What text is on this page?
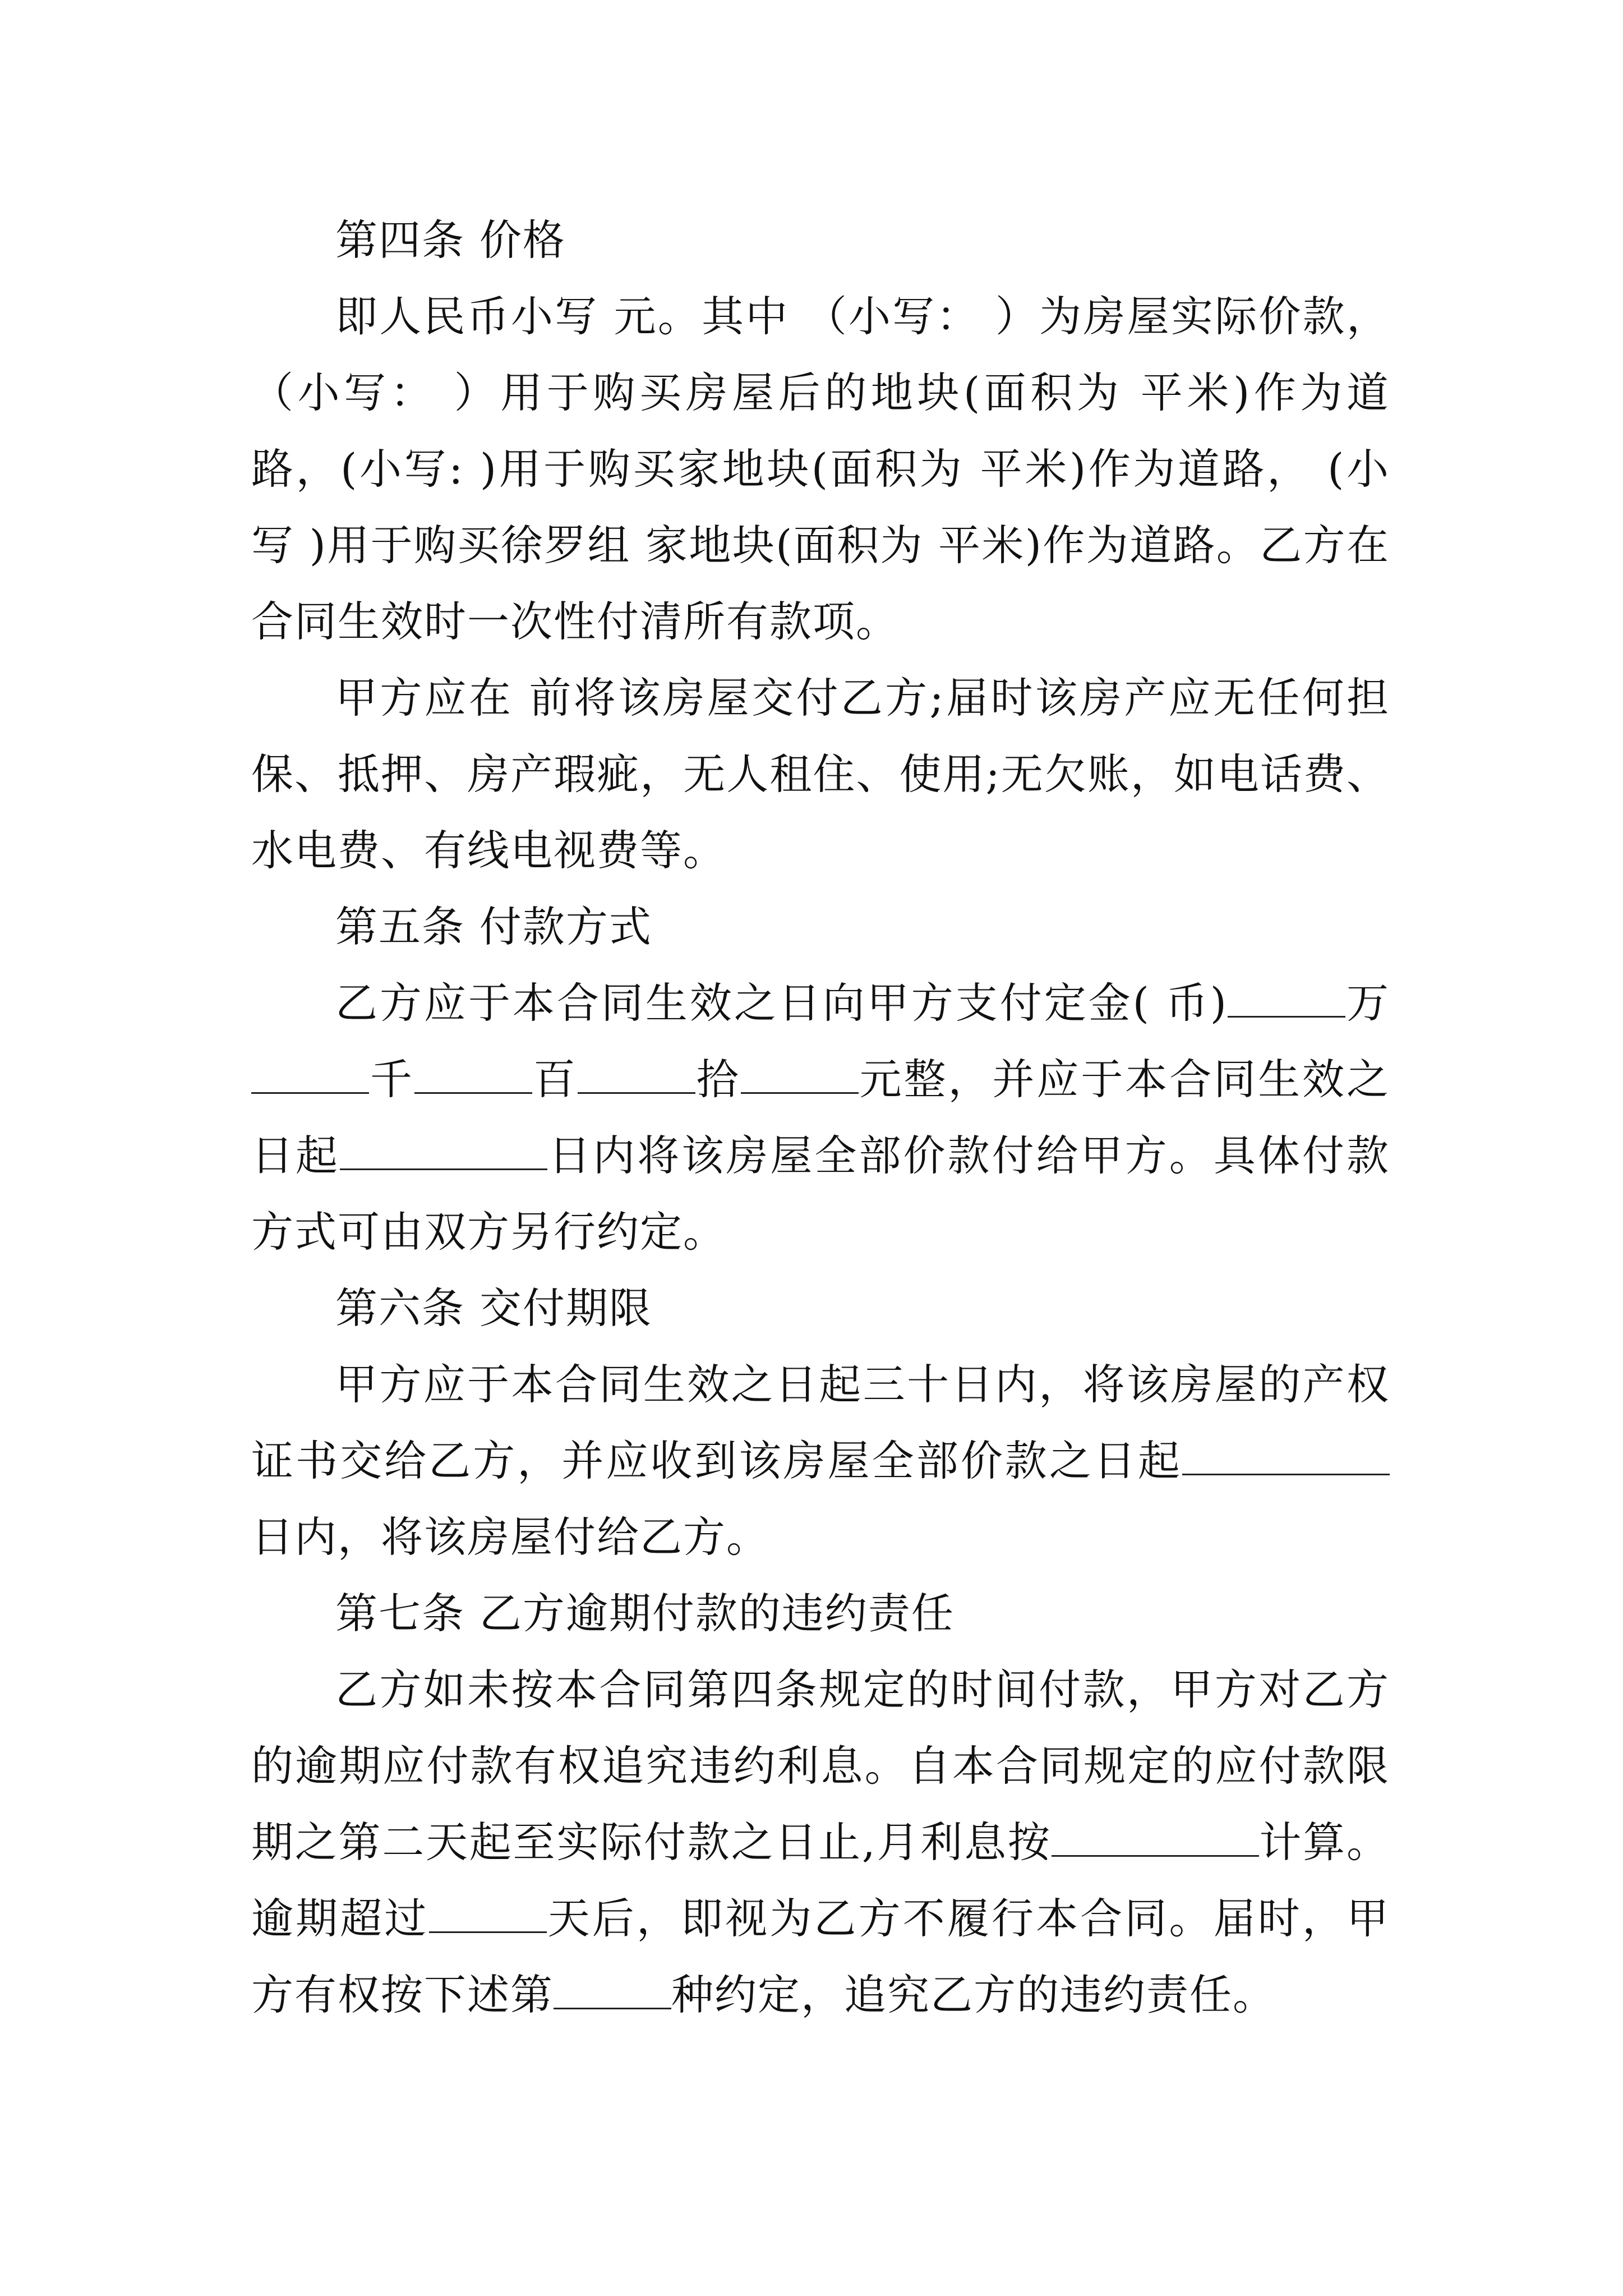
第四条 价格

即人民币小写 元。其中 （小写： ）为房屋实际价款，（小写： ）用于购买房屋后的地块(面积为 平米)作为道路，(小写: )用于购买家地块(面积为 平米)作为道路， (小写 )用于购买徐罗组 家地块(面积为 平米)作为道路。乙方在合同生效时一次性付清所有款项。

甲方应在 前将该房屋交付乙方;届时该房产应无任何担保、抵押、房产瑕疵，无人租住、使用;无欠账，如电话费、水电费、有线电视费等。

第五条 付款方式

乙方应于本合同生效之日向甲方支付定金( 币)	万千	百	拾	元整，并应于本合同生效之日起	日内将该房屋全部价款付给甲方。具体付款方式可由双方另行约定。

第六条 交付期限

甲方应于本合同生效之日起三十日内，将该房屋的产权证书交给乙方，并应收到该房屋全部价款之日起日内，将该房屋付给乙方。

第七条 乙方逾期付款的违约责任

乙方如未按本合同第四条规定的时间付款，甲方对乙方的逾期应付款有权追究违约利息。自本合同规定的应付款限期之第二天起至实际付款之日止,月利息按	计算。逾期超过	天后，即视为乙方不履行本合同。届时，甲方有权按下述第	种约定，追究乙方的违约责任。
